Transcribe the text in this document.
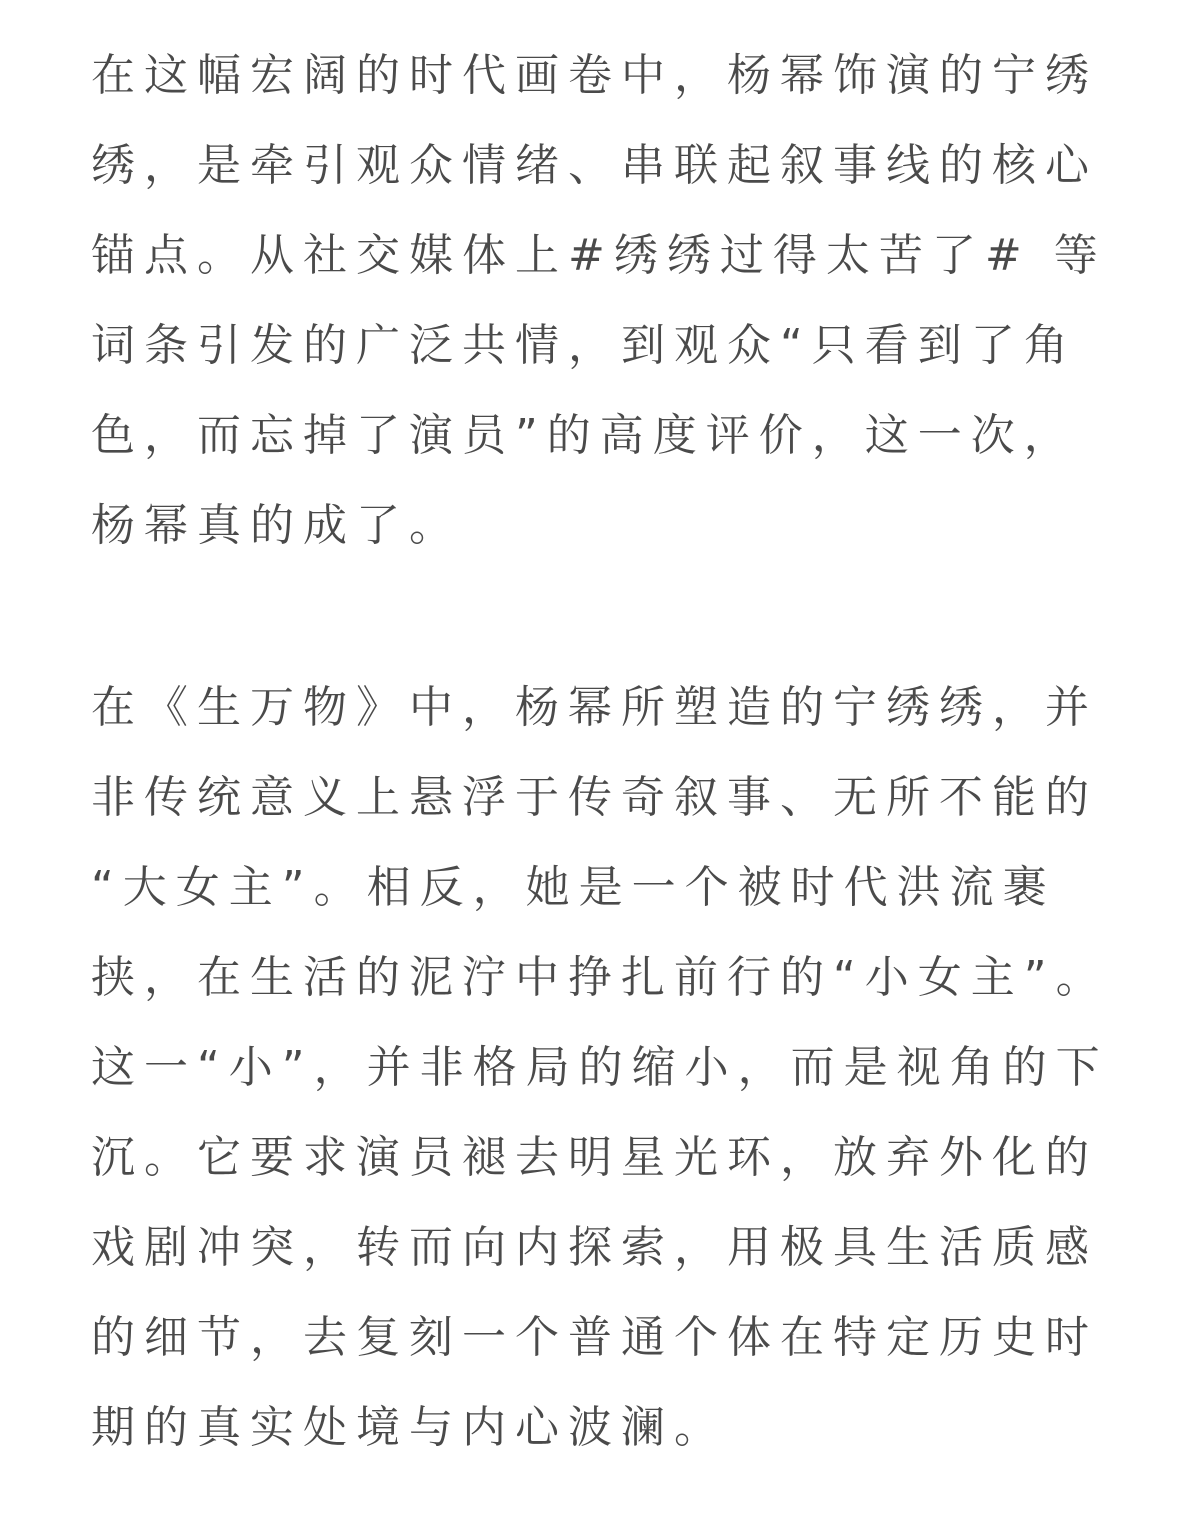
在这幅宏阔的时代画卷中，杨幂饰演的宁绣
绣，是牵引观众情绪、串联起叙事线的核心
锚点。从社交媒体上#绣绣过得太苦了# 等
词条引发的广泛共情，到观众“只看到了角
色，而忘掉了演员”的高度评价，这一次，
杨幂真的成了。
在《生万物》中，杨幂所塑造的宁绣绣，并
非传统意义上悬浮于传奇叙事、无所不能的
“大女主”。相反，她是一个被时代洪流裹
挟，在生活的泥泞中挣扎前行的“小女主”。
这一“小”，并非格局的缩小，而是视角的下
沉。它要求演员褪去明星光环，放弃外化的
戏剧冲突，转而向内探索，用极具生活质感
的细节，去复刻一个普通个体在特定历史时
期的真实处境与内心波澜。
